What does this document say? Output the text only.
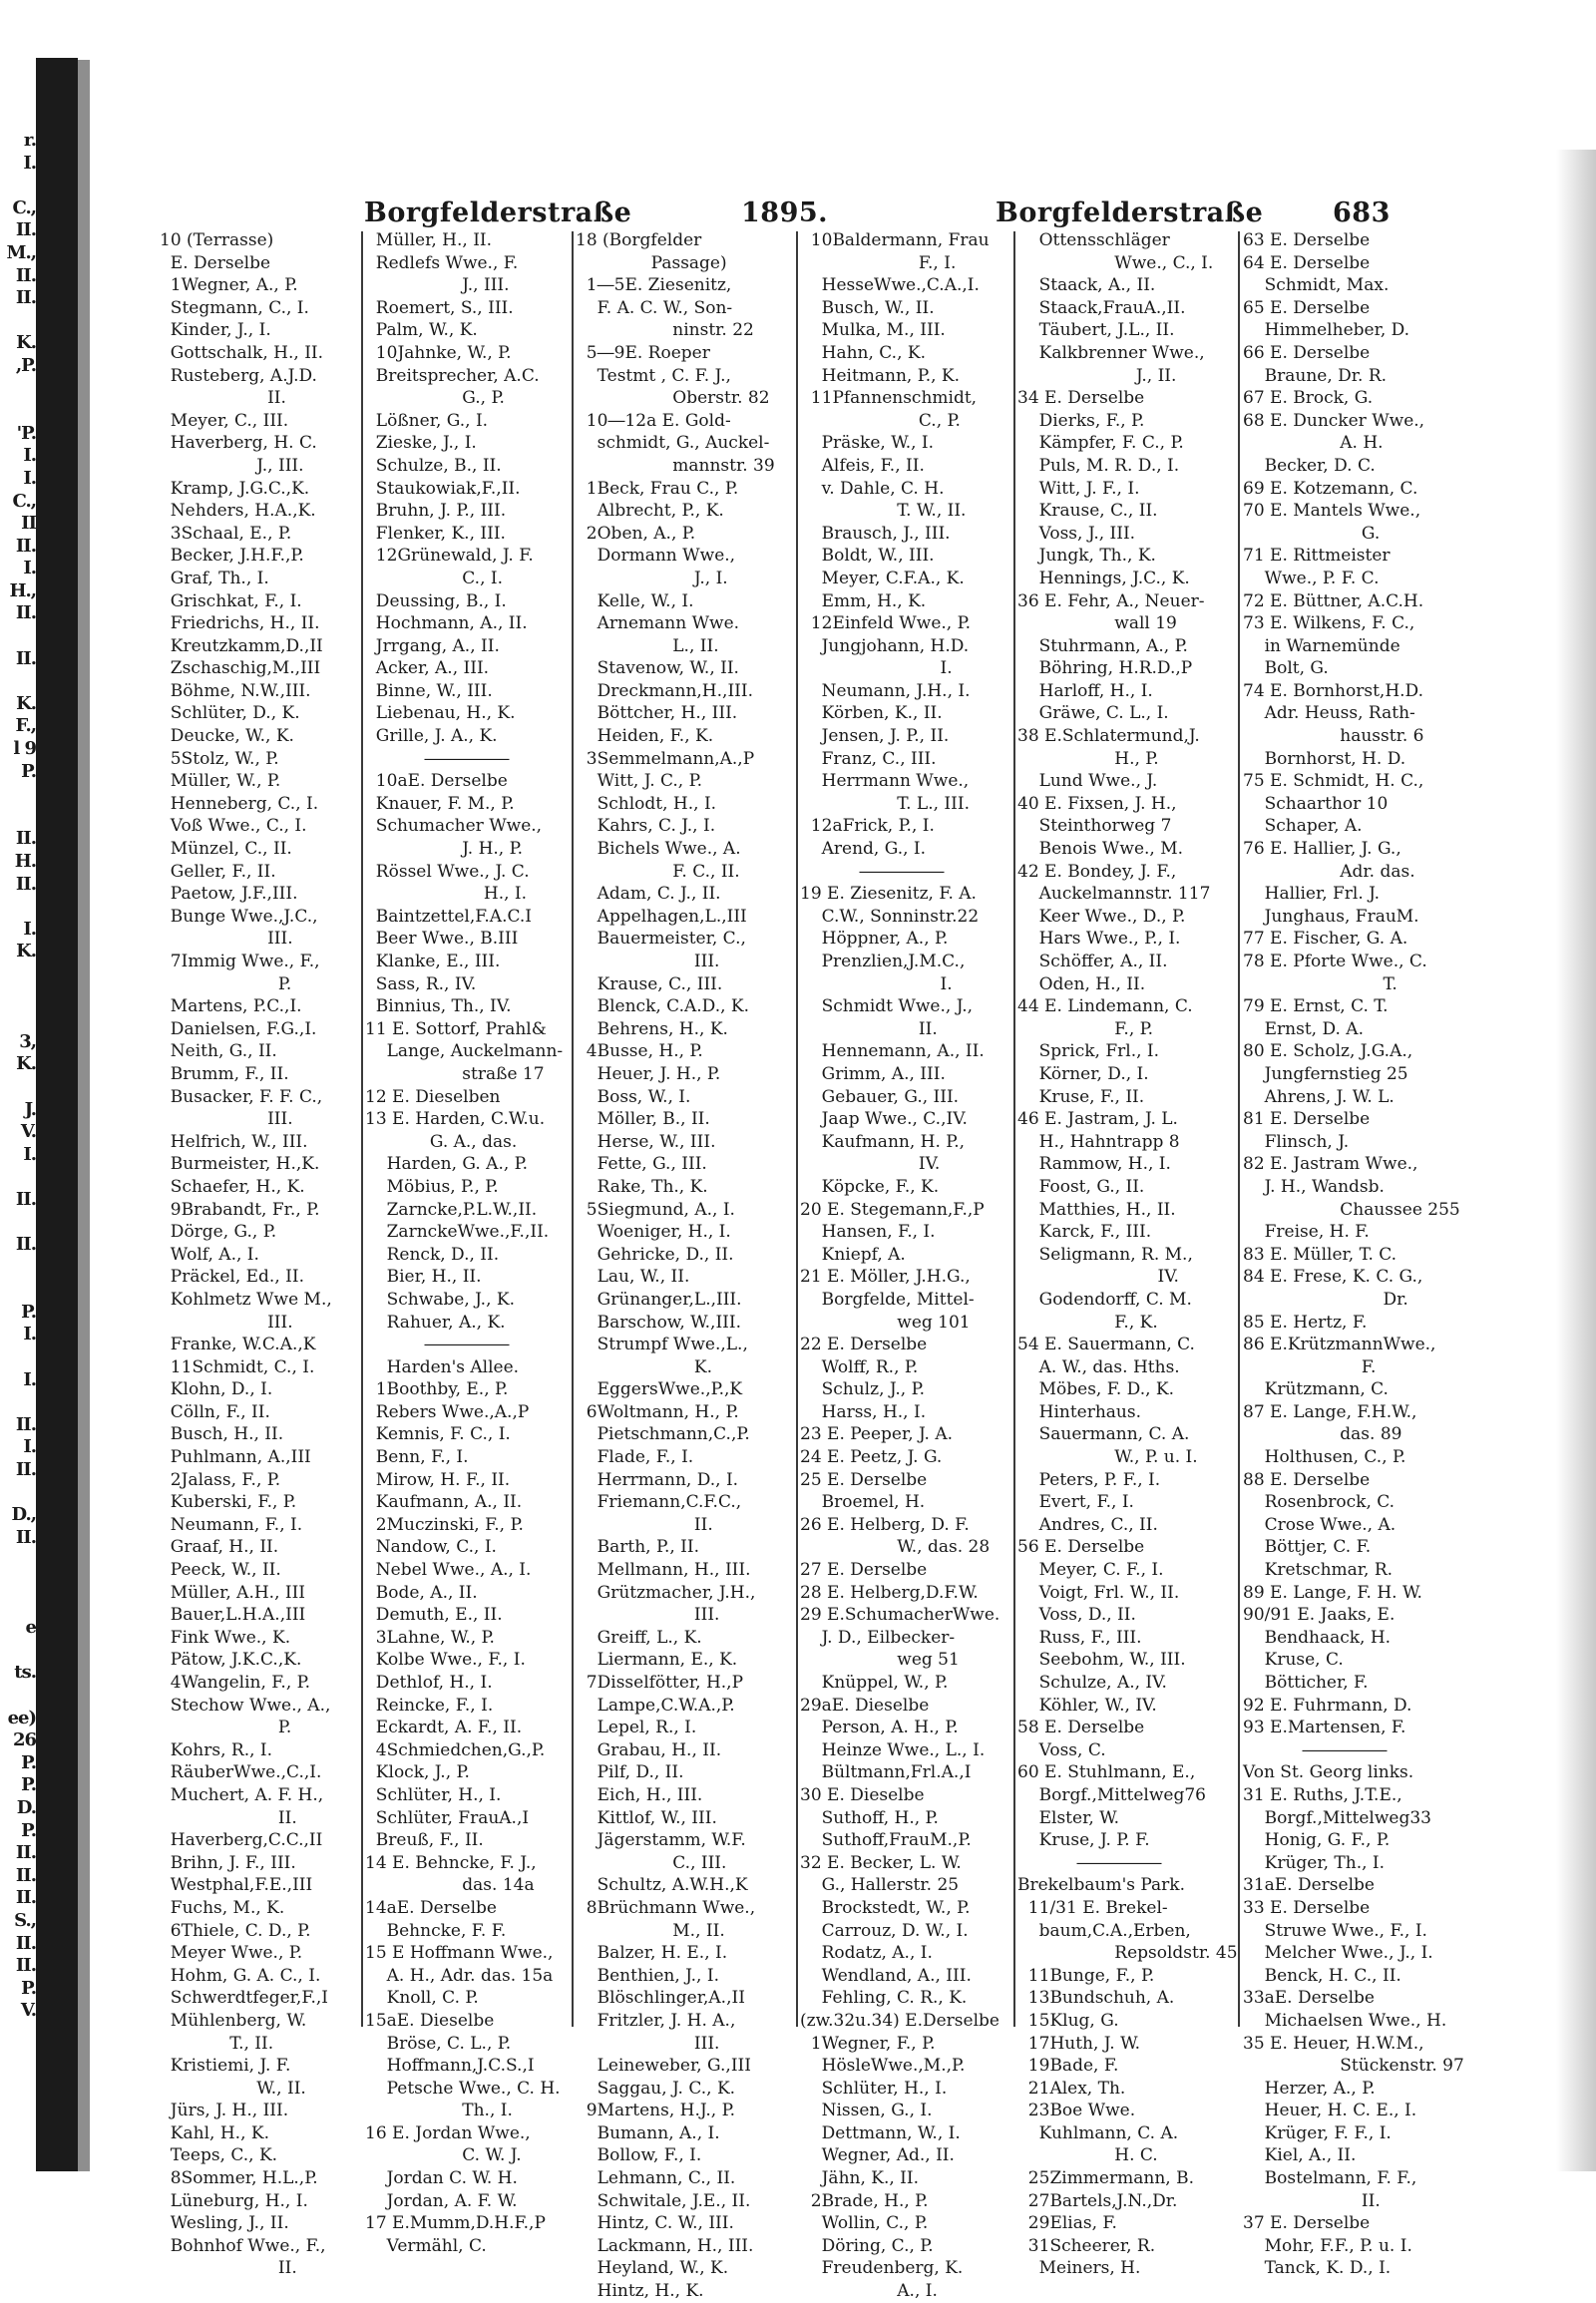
r.
I.

C.,
II.
M.,
II.
II.

K.
,P.

'P.
I.
I.
C.,
II
II.
I.
H.,
II.

II.

K.
F.,
l 9
P.

II.
H.
II.

I.
K.

3,
K.

J.
V.
I.

II.

II.

P.
I.

I.

II.
I.
II.

D.,
II.

e

ts.

ee)
26
P.
P.
D.
P.
II.
II.
II.
S.,
II.
II.
P.
V.
Borgfelderstraße	1895.	Borgfelderstraße	683
10 (Terrasse)
E. Derselbe
1Wegner, A., P.
Stegmann, C., I.
Kinder, J., I.
Gottschalk, H., II.
Rusteberg, A.J.D.
II.
Meyer, C., III.
Haverberg, H. C.
J., III.
Kramp, J.G.C.,K.
Nehders, H.A.,K.
3Schaal, E., P.
Becker, J.H.F.,P.
Graf, Th., I.
Grischkat, F., I.
Friedrichs, H., II.
Kreutzkamm,D.,II
Zschaschig,M.,III
Böhme, N.W.,III.
Schlüter, D., K.
Deucke, W., K.
5Stolz, W., P.
Müller, W., P.
Henneberg, C., I.
Voß Wwe., C., I.
Münzel, C., II.
Geller, F., II.
Paetow, J.F.,III.
Bunge Wwe.,J.C.,
III.
7Immig Wwe., F.,
P.
Martens, P.C.,I.
Danielsen, F.G.,I.
Neith, G., II.
Brumm, F., II.
Busacker, F. F. C.,
III.
Helfrich, W., III.
Burmeister, H.,K.
Schaefer, H., K.
9Brabandt, Fr., P.
Dörge, G., P.
Wolf, A., I.
Präckel, Ed., II.
Kohlmetz Wwe M.,
III.
Franke, W.C.A.,K
11Schmidt, C., I.
Klohn, D., I.
Cölln, F., II.
Busch, H., II.
Puhlmann, A.,III
2Jalass, F., P.
Kuberski, F., P.
Neumann, F., I.
Graaf, H., II.
Peeck, W., II.
Müller, A.H., III
Bauer,L.H.A.,III
Fink Wwe., K.
Pätow, J.K.C.,K.
4Wangelin, F., P.
Stechow Wwe., A.,
P.
Kohrs, R., I.
RäuberWwe.,C.,I.
Muchert, A. F. H.,
II.
Haverberg,C.C.,II
Brihn, J. F., III.
Westphal,F.E.,III
Fuchs, M., K.
6Thiele, C. D., P.
Meyer Wwe., P.
Hohm, G. A. C., I.
Schwerdtfeger,F.,I
Mühlenberg, W.
T., II.
Kristiemi, J. F.
W., II.
Jürs, J. H., III.
Kahl, H., K.
Teeps, C., K.
8Sommer, H.L.,P.
Lüneburg, H., I.
Wesling, J., II.
Bohnhof Wwe., F.,
II.
Müller, H., II.
Redlefs Wwe., F.
J., III.
Roemert, S., III.
Palm, W., K.
10Jahnke, W., P.
Breitsprecher, A.C.
G., P.
Lößner, G., I.
Zieske, J., I.
Schulze, B., II.
Staukowiak,F.,II.
Bruhn, J. P., III.
Flenker, K., III.
12Grünewald, J. F.
C., I.
Deussing, B., I.
Hochmann, A., II.
Jrrgang, A., II.
Acker, A., III.
Binne, W., III.
Liebenau, H., K.
Grille, J. A., K.
―――――
10aE. Derselbe
Knauer, F. M., P.
Schumacher Wwe.,
J. H., P.
Rössel Wwe., J. C.
H., I.
Baintzettel,F.A.C.I
Beer Wwe., B.III
Klanke, E., III.
Sass, R., IV.
Binnius, Th., IV.
11 E. Sottorf, Prahl&
Lange, Auckelmann-
straße 17
12 E. Dieselben
13 E. Harden, C.W.u.
G. A., das.
Harden, G. A., P.
Möbius, P., P.
Zarncke,P.L.W.,II.
ZarnckeWwe.,F.,II.
Renck, D., II.
Bier, H., II.
Schwabe, J., K.
Rahuer, A., K.
―――――
Harden's Allee.
1Boothby, E., P.
Rebers Wwe.,A.,P
Kemnis, F. C., I.
Benn, F., I.
Mirow, H. F., II.
Kaufmann, A., II.
2Muczinski, F., P.
Nandow, C., I.
Nebel Wwe., A., I.
Bode, A., II.
Demuth, E., II.
3Lahne, W., P.
Kolbe Wwe., F., I.
Dethlof, H., I.
Reincke, F., I.
Eckardt, A. F., II.
4Schmiedchen,G.,P.
Klock, J., P.
Schlüter, H., I.
Schlüter, FrauA.,I
Breuß, F., II.
14 E. Behncke, F. J.,
das. 14a
14aE. Derselbe
Behncke, F. F.
15 E Hoffmann Wwe.,
A. H., Adr. das. 15a
Knoll, C. P.
15aE. Dieselbe
Bröse, C. L., P.
Hoffmann,J.C.S.,I
Petsche Wwe., C. H.
Th., I.
16 E. Jordan Wwe.,
C. W. J.
Jordan C. W. H.
Jordan, A. F. W.
17 E.Mumm,D.H.F.,P
Vermähl, C.
18 (Borgfelder
Passage)
1―5E. Ziesenitz,
F. A. C. W., Son-
ninstr. 22
5―9E. Roeper
Testmt , C. F. J.,
Oberstr. 82
10―12a E. Gold-
schmidt, G., Auckel-
mannstr. 39
1Beck, Frau C., P.
Albrecht, P., K.
2Oben, A., P.
Dormann Wwe.,
J., I.
Kelle, W., I.
Arnemann Wwe.
L., II.
Stavenow, W., II.
Dreckmann,H.,III.
Böttcher, H., III.
Heiden, F., K.
3Semmelmann,A.,P
Witt, J. C., P.
Schlodt, H., I.
Kahrs, C. J., I.
Bichels Wwe., A.
F. C., II.
Adam, C. J., II.
Appelhagen,L.,III
Bauermeister, C.,
III.
Krause, C., III.
Blenck, C.A.D., K.
Behrens, H., K.
4Busse, H., P.
Heuer, J. H., P.
Boss, W., I.
Möller, B., II.
Herse, W., III.
Fette, G., III.
Rake, Th., K.
5Siegmund, A., I.
Woeniger, H., I.
Gehricke, D., II.
Lau, W., II.
Grünanger,L.,III.
Barschow, W.,III.
Strumpf Wwe.,L.,
K.
EggersWwe.,P.,K
6Woltmann, H., P.
Pietschmann,C.,P.
Flade, F., I.
Herrmann, D., I.
Friemann,C.F.C.,
II.
Barth, P., II.
Mellmann, H., III.
Grützmacher, J.H.,
III.
Greiff, L., K.
Liermann, E., K.
7Disselfötter, H.,P
Lampe,C.W.A.,P.
Lepel, R., I.
Grabau, H., II.
Pilf, D., II.
Eich, H., III.
Kittlof, W., III.
Jägerstamm, W.F.
C., III.
Schultz, A.W.H.,K
8Brüchmann Wwe.,
M., II.
Balzer, H. E., I.
Benthien, J., I.
Blöschlinger,A.,II
Fritzler, J. H. A.,
III.
Leineweber, G.,III
Saggau, J. C., K.
9Martens, H.J., P.
Bumann, A., I.
Bollow, F., I.
Lehmann, C., II.
Schwitale, J.E., II.
Hintz, C. W., III.
Lackmann, H., III.
Heyland, W., K.
Hintz, H., K.
10Baldermann, Frau
F., I.
HesseWwe.,C.A.,I.
Busch, W., II.
Mulka, M., III.
Hahn, C., K.
Heitmann, P., K.
11Pfannenschmidt,
C., P.
Präske, W., I.
Alfeis, F., II.
v. Dahle, C. H.
T. W., II.
Brausch, J., III.
Boldt, W., III.
Meyer, C.F.A., K.
Emm, H., K.
12Einfeld Wwe., P.
Jungjohann, H.D.
I.
Neumann, J.H., I.
Körben, K., II.
Jensen, J. P., II.
Franz, C., III.
Herrmann Wwe.,
T. L., III.
12aFrick, P., I.
Arend, G., I.
―――――
19 E. Ziesenitz, F. A.
C.W., Sonninstr.22
Höppner, A., P.
Prenzlien,J.M.C.,
I.
Schmidt Wwe., J.,
II.
Hennemann, A., II.
Grimm, A., III.
Gebauer, G., III.
Jaap Wwe., C.,IV.
Kaufmann, H. P.,
IV.
Köpcke, F., K.
20 E. Stegemann,F.,P
Hansen, F., I.
Kniepf, A.
21 E. Möller, J.H.G.,
Borgfelde, Mittel-
weg 101
22 E. Derselbe
Wolff, R., P.
Schulz, J., P.
Harss, H., I.
23 E. Peeper, J. A.
24 E. Peetz, J. G.
25 E. Derselbe
Broemel, H.
26 E. Helberg, D. F.
W., das. 28
27 E. Derselbe
28 E. Helberg,D.F.W.
29 E.SchumacherWwe.
J. D., Eilbecker-
weg 51
Knüppel, W., P.
29aE. Dieselbe
Person, A. H., P.
Heinze Wwe., L., I.
Bültmann,Frl.A.,I
30 E. Dieselbe
Suthoff, H., P.
Suthoff,FrauM.,P.
32 E. Becker, L. W.
G., Hallerstr. 25
Brockstedt, W., P.
Carrouz, D. W., I.
Rodatz, A., I.
Wendland, A., III.
Fehling, C. R., K.
(zw.32u.34) E.Derselbe
1Wegner, F., P.
HösleWwe.,M.,P.
Schlüter, H., I.
Nissen, G., I.
Dettmann, W., I.
Wegner, Ad., II.
Jähn, K., II.
2Brade, H., P.
Wollin, C., P.
Döring, C., P.
Freudenberg, K.
A., I.
Ottensschläger
Wwe., C., I.
Staack, A., II.
Staack,FrauA.,II.
Täubert, J.L., II.
Kalkbrenner Wwe.,
J., II.
34 E. Derselbe
Dierks, F., P.
Kämpfer, F. C., P.
Puls, M. R. D., I.
Witt, J. F., I.
Krause, C., II.
Voss, J., III.
Jungk, Th., K.
Hennings, J.C., K.
36 E. Fehr, A., Neuer-
wall 19
Stuhrmann, A., P.
Böhring, H.R.D.,P
Harloff, H., I.
Gräwe, C. L., I.
38 E.Schlatermund,J.
H., P.
Lund Wwe., J.
40 E. Fixsen, J. H.,
Steinthorweg 7
Benois Wwe., M.
42 E. Bondey, J. F.,
Auckelmannstr. 117
Keer Wwe., D., P.
Hars Wwe., P., I.
Schöffer, A., II.
Oden, H., II.
44 E. Lindemann, C.
F., P.
Sprick, Frl., I.
Körner, D., I.
Kruse, F., II.
46 E. Jastram, J. L.
H., Hahntrapp 8
Rammow, H., I.
Foost, G., II.
Matthies, H., II.
Karck, F., III.
Seligmann, R. M.,
IV.
Godendorff, C. M.
F., K.
54 E. Sauermann, C.
A. W., das. Hths.
Möbes, F. D., K.
Hinterhaus.
Sauermann, C. A.
W., P. u. I.
Peters, P. F., I.
Evert, F., I.
Andres, C., II.
56 E. Derselbe
Meyer, C. F., I.
Voigt, Frl. W., II.
Voss, D., II.
Russ, F., III.
Seebohm, W., III.
Schulze, A., IV.
Köhler, W., IV.
58 E. Derselbe
Voss, C.
60 E. Stuhlmann, E.,
Borgf.,Mittelweg76
Elster, W.
Kruse, J. P. F.
―――――
Brekelbaum's Park.
11/31 E. Brekel-
baum,C.A.,Erben,
Repsoldstr. 45
11Bunge, F., P.
13Bundschuh, A.
15Klug, G.
17Huth, J. W.
19Bade, F.
21Alex, Th.
23Boe Wwe.
Kuhlmann, C. A.
H. C.
25Zimmermann, B.
27Bartels,J.N.,Dr.
29Elias, F.
31Scheerer, R.
Meiners, H.
63 E. Derselbe
64 E. Derselbe
Schmidt, Max.
65 E. Derselbe
Himmelheber, D.
66 E. Derselbe
Braune, Dr. R.
67 E. Brock, G.
68 E. Duncker Wwe.,
A. H.
Becker, D. C.
69 E. Kotzemann, C.
70 E. Mantels Wwe.,
G.
71 E. Rittmeister
Wwe., P. F. C.
72 E. Büttner, A.C.H.
73 E. Wilkens, F. C.,
in Warnemünde
Bolt, G.
74 E. Bornhorst,H.D.
Adr. Heuss, Rath-
hausstr. 6
Bornhorst, H. D.
75 E. Schmidt, H. C.,
Schaarthor 10
Schaper, A.
76 E. Hallier, J. G.,
Adr. das.
Hallier, Frl. J.
Junghaus, FrauM.
77 E. Fischer, G. A.
78 E. Pforte Wwe., C.
T.
79 E. Ernst, C. T.
Ernst, D. A.
80 E. Scholz, J.G.A.,
Jungfernstieg 25
Ahrens, J. W. L.
81 E. Derselbe
Flinsch, J.
82 E. Jastram Wwe.,
J. H., Wandsb.
Chaussee 255
Freise, H. F.
83 E. Müller, T. C.
84 E. Frese, K. C. G.,
Dr.
85 E. Hertz, F.
86 E.KrützmannWwe.,
F.
Krützmann, C.
87 E. Lange, F.H.W.,
das. 89
Holthusen, C., P.
88 E. Derselbe
Rosenbrock, C.
Crose Wwe., A.
Böttjer, C. F.
Kretschmar, R.
89 E. Lange, F. H. W.
90/91 E. Jaaks, E.
Bendhaack, H.
Kruse, C.
Bötticher, F.
92 E. Fuhrmann, D.
93 E.Martensen, F.
―――――
Von St. Georg links.
31 E. Ruths, J.T.E.,
Borgf.,Mittelweg33
Honig, G. F., P.
Krüger, Th., I.
31aE. Derselbe
33 E. Derselbe
Struwe Wwe., F., I.
Melcher Wwe., J., I.
Benck, H. C., II.
33aE. Derselbe
Michaelsen Wwe., H.
35 E. Heuer, H.W.M.,
Stückenstr. 97
Herzer, A., P.
Heuer, H. C. E., I.
Krüger, F. F., I.
Kiel, A., II.
Bostelmann, F. F.,
II.
37 E. Derselbe
Mohr, F.F., P. u. I.
Tanck, K. D., I.
